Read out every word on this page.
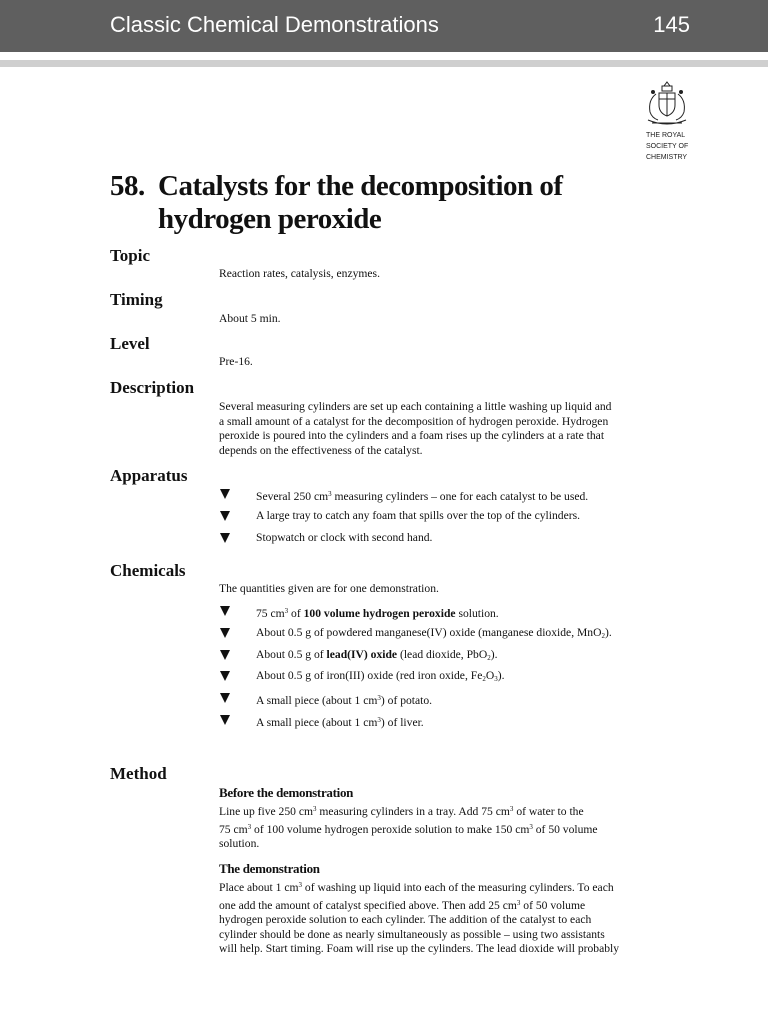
Classic Chemical Demonstrations	145
THE ROYAL
SOCIETY OF
CHEMISTRY
58. Catalysts for the decomposition of
hydrogen peroxide
Topic
Reaction rates, catalysis, enzymes.
Timing
About 5 min.
Level
Pre-16.
Description
Several measuring cylinders are set up each containing a little washing up liquid and
a small amount of a catalyst for the decomposition of hydrogen peroxide. Hydrogen
peroxide is poured into the cylinders and a foam rises up the cylinders at a rate that
depends on the effectiveness of the catalyst.
Apparatus
Several 250 $cm^3$ measuring cylinders – one for each catalyst to be used.
A large tray to catch any foam that spills over the top of the cylinders.
Stopwatch or clock with second hand.
Chemicals
The quantities given are for one demonstration.
75 $cm^3$ of 100 volume hydrogen peroxide solution.
About 0.5 g of powdered manganese(IV) oxide (manganese dioxide, MnO$_2$).
About 0.5 g of lead(IV) oxide (lead dioxide, PbO$_2$).
About 0.5 g of iron(III) oxide (red iron oxide, $Fe_2O_3$).
A small piece (about 1 $cm^3$) of potato.
A small piece (about 1 $cm^3$) of liver.
Method
Before the demonstration
Line up five 250 $cm^3$ measuring cylinders in a tray. Add 75 $cm^3$ of water to the
75 $cm^3$ of 100 volume hydrogen peroxide solution to make 150 $cm^3$ of 50 volume
solution.
The demonstration
Place about 1 $cm^3$ of washing up liquid into each of the measuring cylinders. To each
one add the amount of catalyst specified above. Then add 25 $cm^3$ of 50 volume
hydrogen peroxide solution to each cylinder. The addition of the catalyst to each
cylinder should be done as nearly simultaneously as possible – using two assistants
will help. Start timing. Foam will rise up the cylinders. The lead dioxide will probably
